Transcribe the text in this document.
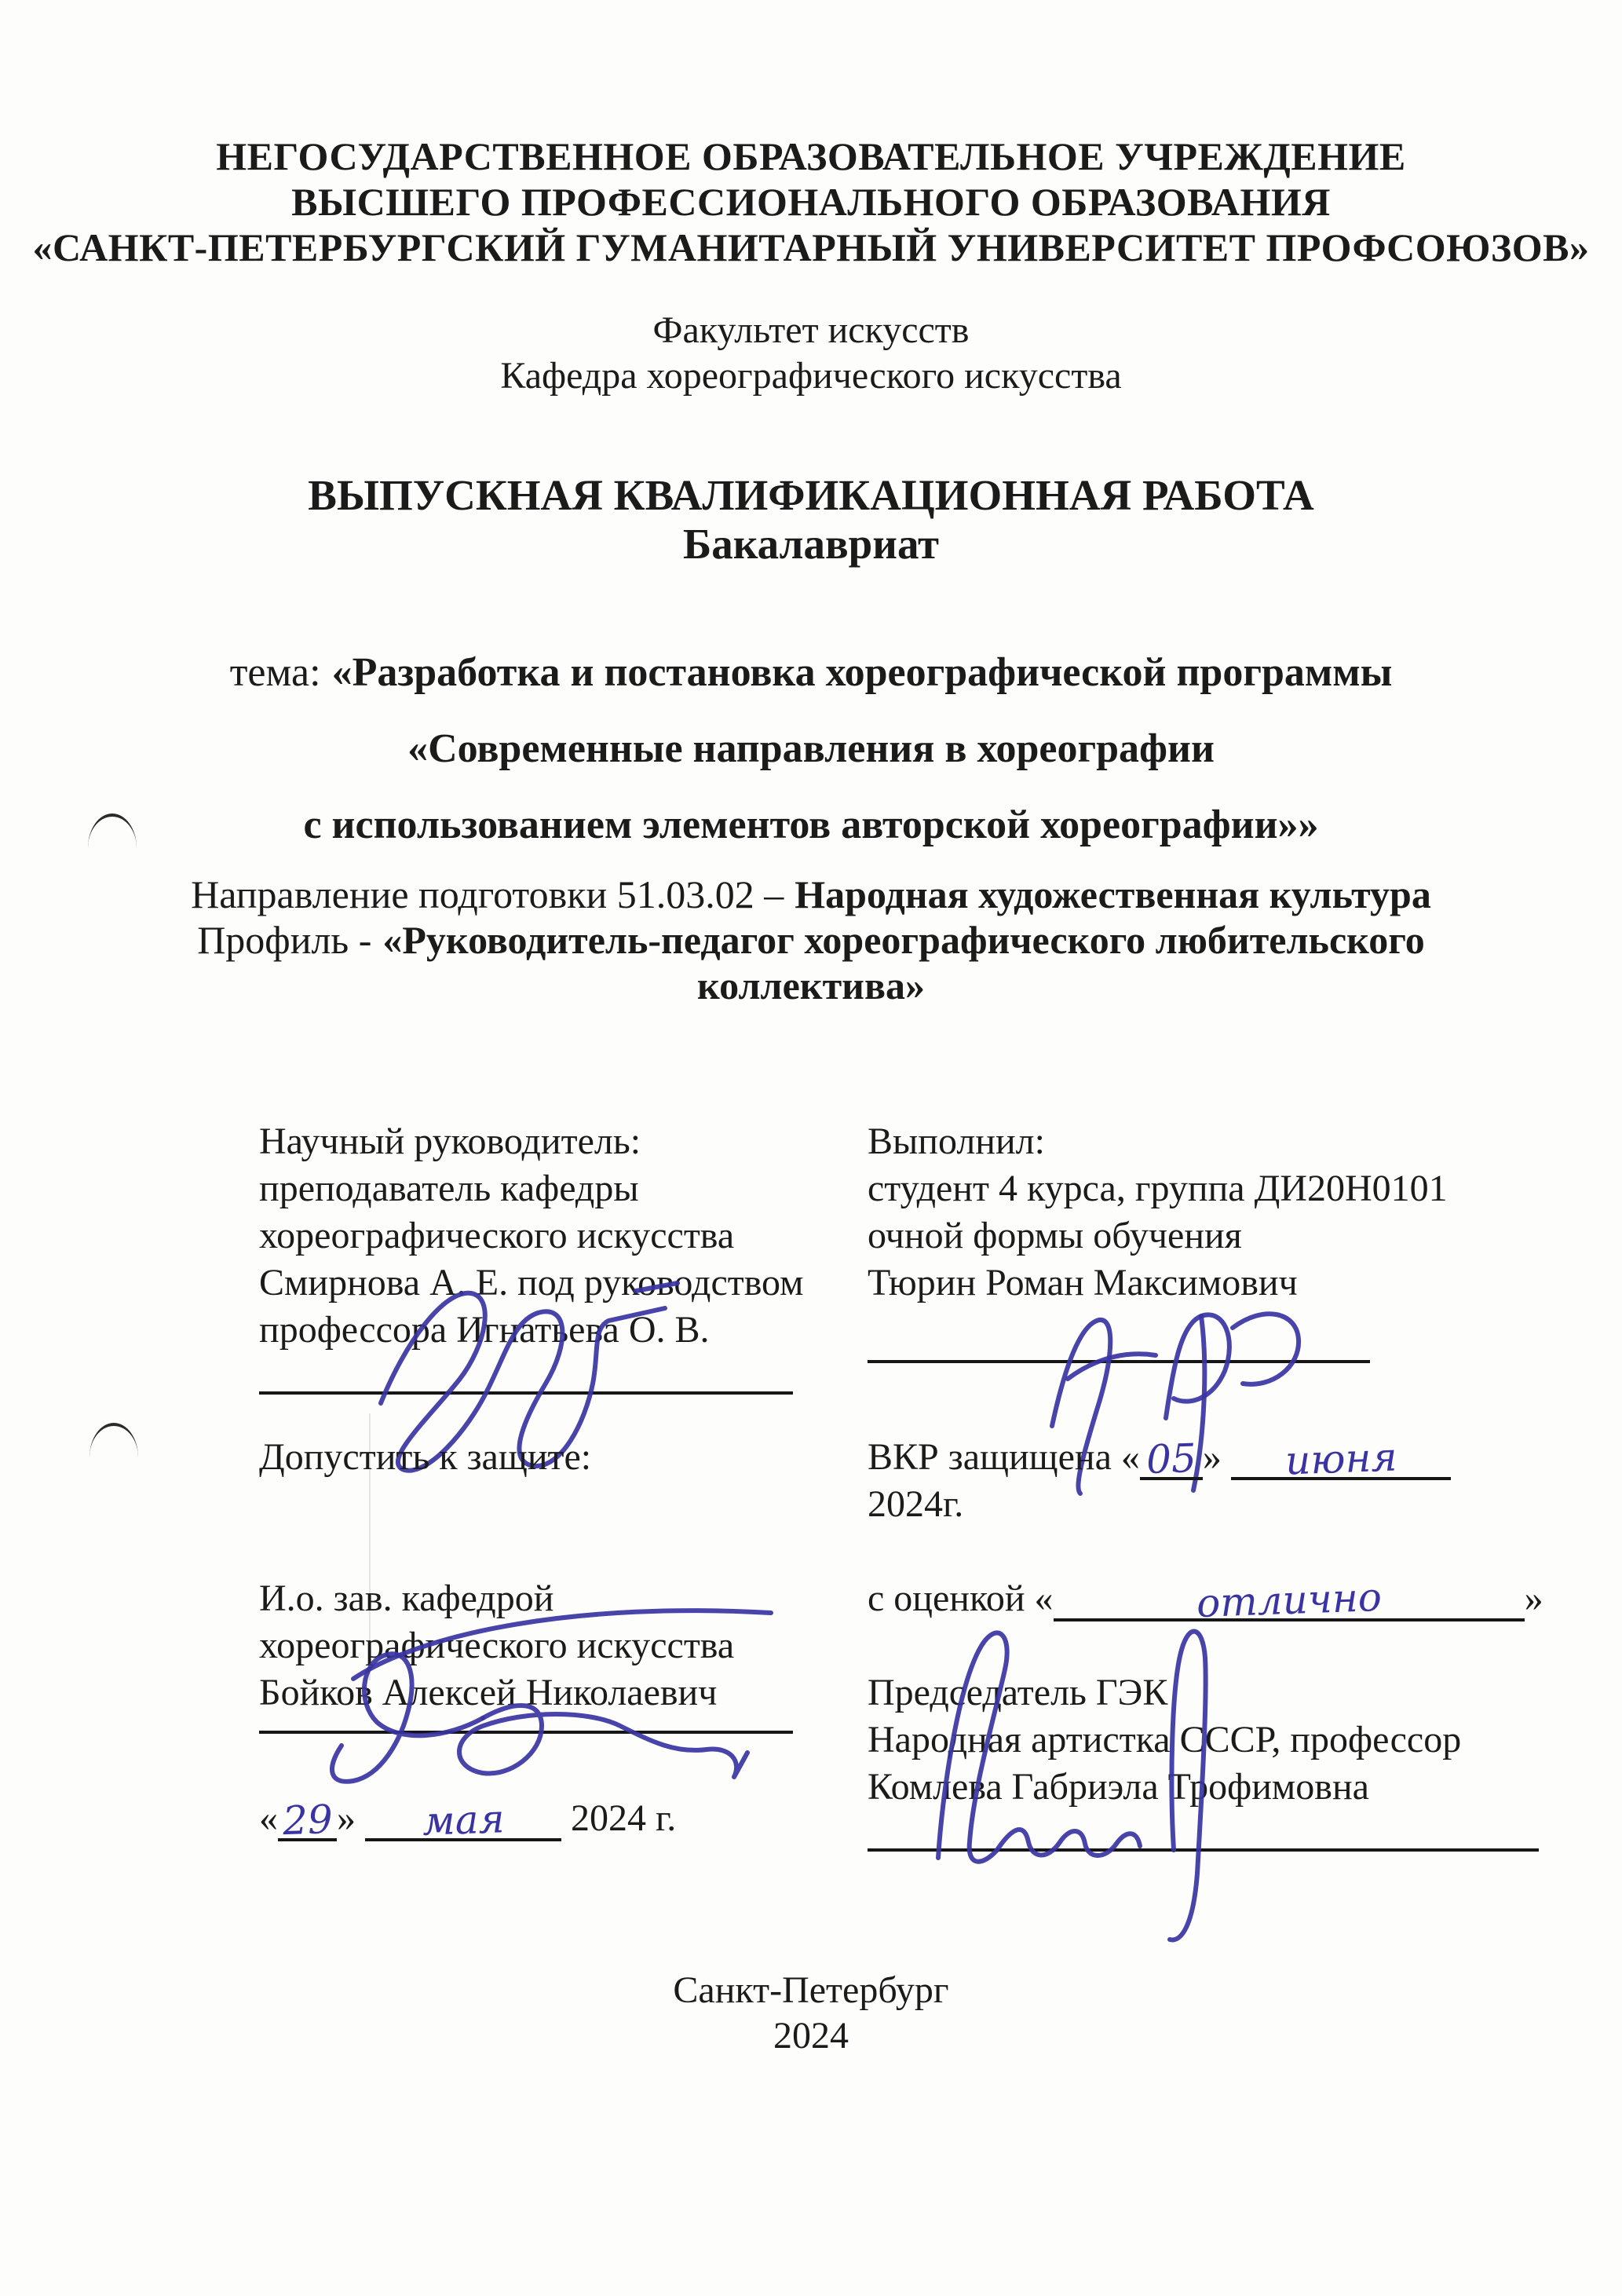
НЕГОСУДАРСТВЕННОЕ ОБРАЗОВАТЕЛЬНОЕ УЧРЕЖДЕНИЕ
ВЫСШЕГО ПРОФЕССИОНАЛЬНОГО ОБРАЗОВАНИЯ
«САНКТ-ПЕТЕРБУРГСКИЙ ГУМАНИТАРНЫЙ УНИВЕРСИТЕТ ПРОФСОЮЗОВ»
Факультет искусств
Кафедра хореографического искусства
ВЫПУСКНАЯ КВАЛИФИКАЦИОННАЯ РАБОТА
Бакалавриат
тема: «Разработка и постановка хореографической программы
«Современные направления в хореографии
с использованием элементов авторской хореографии»»
Направление подготовки 51.03.02 – Народная художественная культура
Профиль - «Руководитель-педагог хореографического любительского коллектива»
Научный руководитель:
преподаватель кафедры
хореографического искусства
Смирнова А. Е. под руководством
профессора Игнатьева О. В.
Выполнил:
студент 4 курса, группа ДИ20Н0101
очной формы обучения
Тюрин Роман Максимович
Допустить к защите:	ВКР защищена « 05 » июня
2024г.
И.о. зав. кафедрой
хореографического искусства
Бойков Алексей Николаевич
с оценкой «	отлично	»
Председатель ГЭК
Народная артистка СССР, профессор
Комлева Габриэла Трофимовна
«29» мая 2024 г.
Санкт-Петербург
2024
